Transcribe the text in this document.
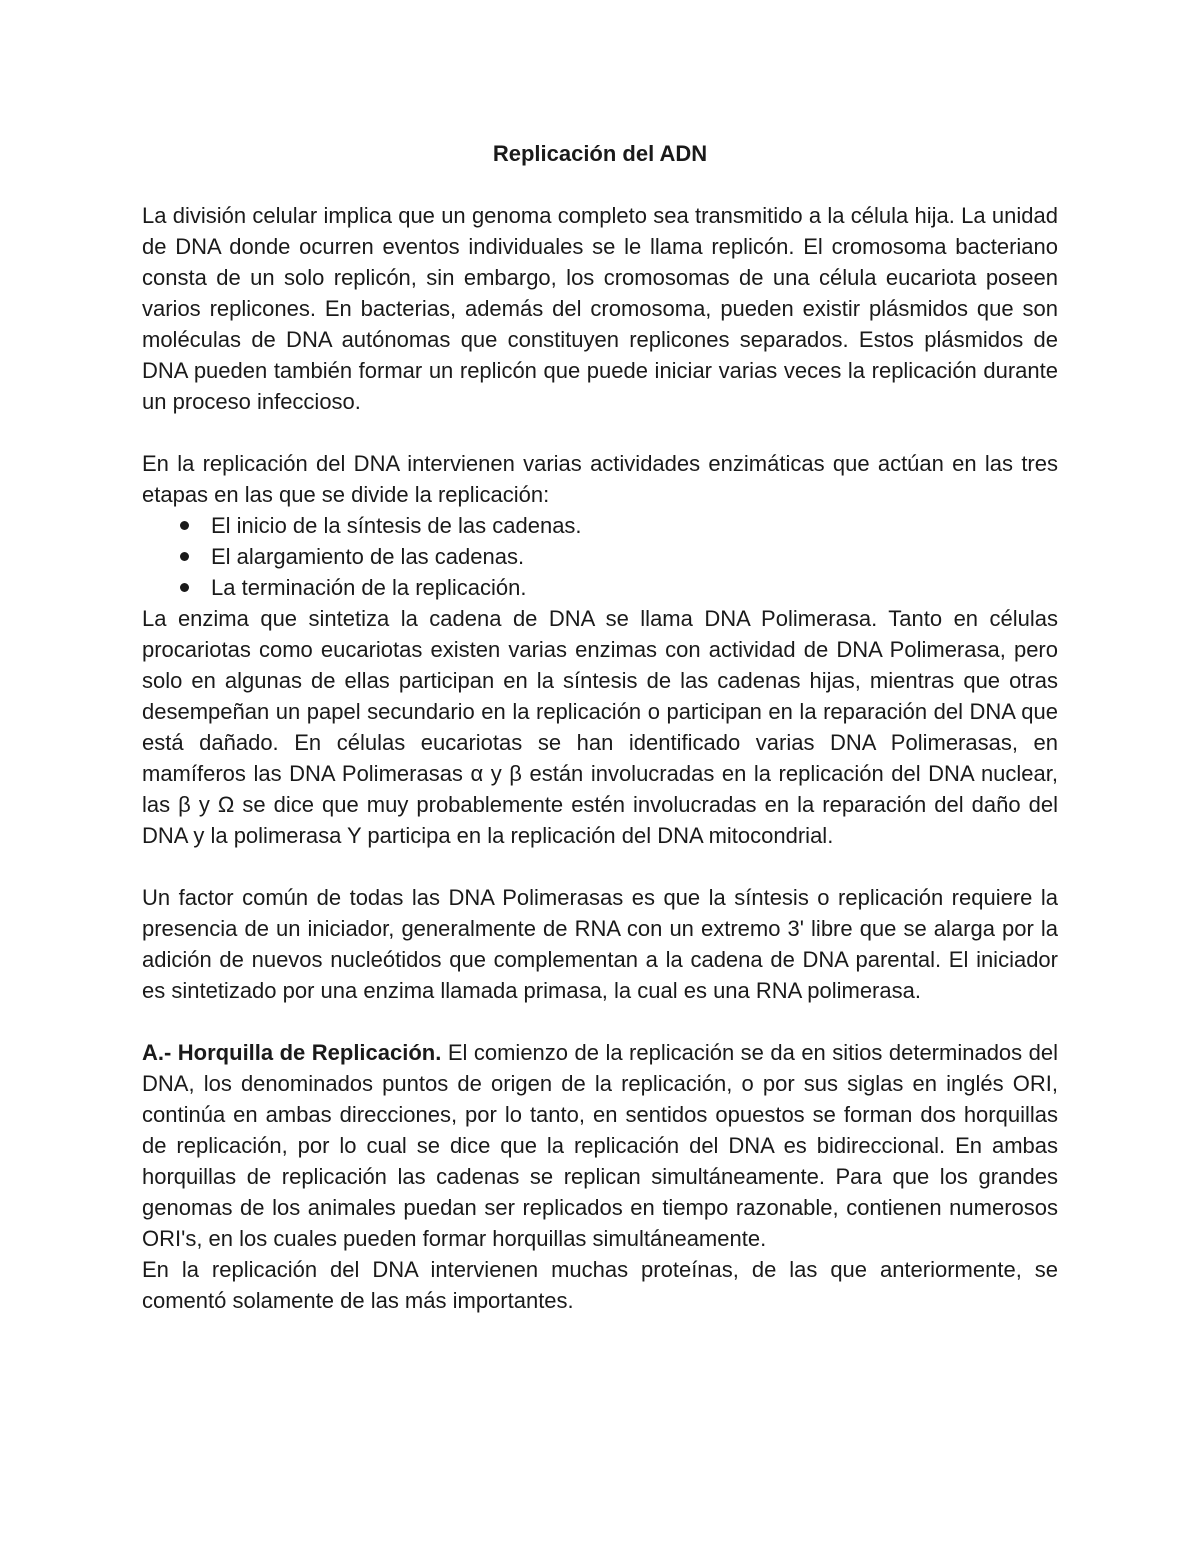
Replicación del ADN

La división celular implica que un genoma completo sea transmitido a la célula hija. La unidad de DNA donde ocurren eventos individuales se le llama replicón. El cromosoma bacteriano consta de un solo replicón, sin embargo, los cromosomas de una célula eucariota poseen varios replicones. En bacterias, además del cromosoma, pueden existir plásmidos que son moléculas de DNA autónomas que constituyen replicones separados. Estos plásmidos de DNA pueden también formar un replicón que puede iniciar varias veces la replicación durante un proceso infeccioso.

En la replicación del DNA intervienen varias actividades enzimáticas que actúan en las tres etapas en las que se divide la replicación:

El inicio de la síntesis de las cadenas.
El alargamiento de las cadenas.
La terminación de la replicación.

La enzima que sintetiza la cadena de DNA se llama DNA Polimerasa. Tanto en células procariotas como eucariotas existen varias enzimas con actividad de DNA Polimerasa, pero solo en algunas de ellas participan en la síntesis de las cadenas hijas, mientras que otras desempeñan un papel secundario en la replicación o participan en la reparación del DNA que está dañado. En células eucariotas se han identificado varias DNA Polimerasas, en mamíferos las DNA Polimerasas α y β están involucradas en la replicación del DNA nuclear, las β y Ω se dice que muy probablemente estén involucradas en la reparación del daño del DNA y la polimerasa Y participa en la replicación del DNA mitocondrial.

Un factor común de todas las DNA Polimerasas es que la síntesis o replicación requiere la presencia de un iniciador, generalmente de RNA con un extremo 3' libre que se alarga por la adición de nuevos nucleótidos que complementan a la cadena de DNA parental. El iniciador es sintetizado por una enzima llamada primasa, la cual es una RNA polimerasa.

A.- Horquilla de Replicación. El comienzo de la replicación se da en sitios determinados del DNA, los denominados puntos de origen de la replicación, o por sus siglas en inglés ORI, continúa en ambas direcciones, por lo tanto, en sentidos opuestos se forman dos horquillas de replicación, por lo cual se dice que la replicación del DNA es bidireccional. En ambas horquillas de replicación las cadenas se replican simultáneamente. Para que los grandes genomas de los animales puedan ser replicados en tiempo razonable, contienen numerosos ORI's, en los cuales pueden formar horquillas simultáneamente.

En la replicación del DNA intervienen muchas proteínas, de las que anteriormente, se comentó solamente de las más importantes.
